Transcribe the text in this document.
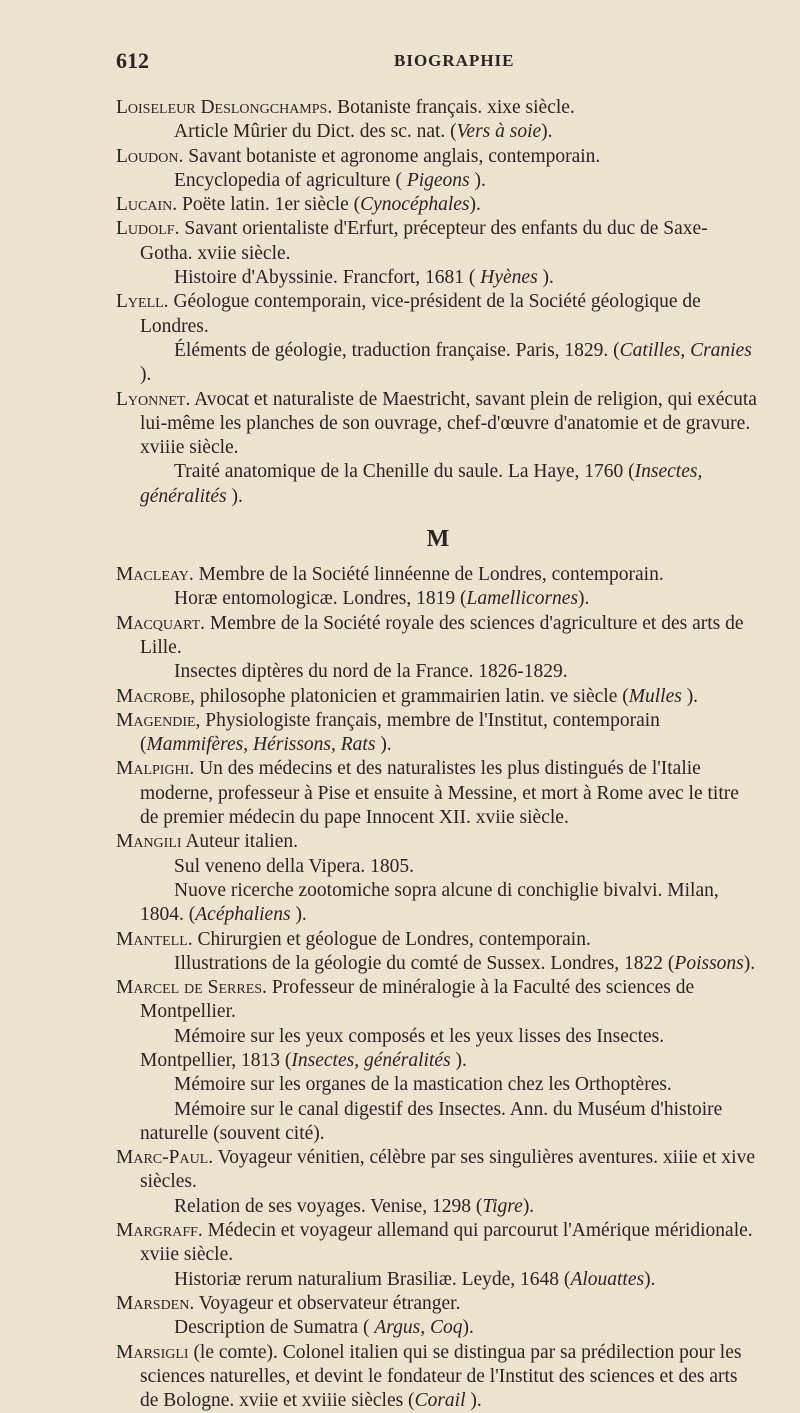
612	BIOGRAPHIE

Loiseleur Deslongchamps. Botaniste français. xixe siècle.

Article Mûrier du Dict. des sc. nat. (Vers à soie).

Loudon. Savant botaniste et agronome anglais, contemporain.

Encyclopedia of agriculture ( Pigeons ).

Lucain. Poëte latin. 1er siècle (Cynocéphales).

Ludolf. Savant orientaliste d'Erfurt, précepteur des enfants du duc de Saxe-Gotha. xviie siècle.

Histoire d'Abyssinie. Francfort, 1681 ( Hyènes ).

Lyell. Géologue contemporain, vice-président de la Société géologique de Londres.

Éléments de géologie, traduction française. Paris, 1829. (Catilles, Cranies ).

Lyonnet. Avocat et naturaliste de Maestricht, savant plein de religion, qui exécuta lui-même les planches de son ouvrage, chef-d'œuvre d'anatomie et de gravure. xviiie siècle.

Traité anatomique de la Chenille du saule. La Haye, 1760 (Insectes, généralités ).

M

Macleay. Membre de la Société linnéenne de Londres, contemporain.

Horæ entomologicæ. Londres, 1819 (Lamellicornes).

Macquart. Membre de la Société royale des sciences d'agriculture et des arts de Lille.

Insectes diptères du nord de la France. 1826-1829.

Macrobe, philosophe platonicien et grammairien latin. ve siècle (Mulles ).

Magendie, Physiologiste français, membre de l'Institut, contemporain (Mammifères, Hérissons, Rats ).

Malpighi. Un des médecins et des naturalistes les plus distingués de l'Italie moderne, professeur à Pise et ensuite à Messine, et mort à Rome avec le titre de premier médecin du pape Innocent XII. xviie siècle.

Mangili Auteur italien.

Sul veneno della Vipera. 1805.

Nuove ricerche zootomiche sopra alcune di conchiglie bivalvi. Milan, 1804. (Acéphaliens ).

Mantell. Chirurgien et géologue de Londres, contemporain.

Illustrations de la géologie du comté de Sussex. Londres, 1822 (Poissons).

Marcel de Serres. Professeur de minéralogie à la Faculté des sciences de Montpellier.

Mémoire sur les yeux composés et les yeux lisses des Insectes. Montpellier, 1813 (Insectes, généralités ).

Mémoire sur les organes de la mastication chez les Orthoptères.

Mémoire sur le canal digestif des Insectes. Ann. du Muséum d'histoire naturelle (souvent cité).

Marc-Paul. Voyageur vénitien, célèbre par ses singulières aventures. xiiie et xive siècles.

Relation de ses voyages. Venise, 1298 (Tigre).

Margraff. Médecin et voyageur allemand qui parcourut l'Amérique méridionale. xviie siècle.

Historiæ rerum naturalium Brasiliæ. Leyde, 1648 (Alouattes).

Marsden. Voyageur et observateur étranger.

Description de Sumatra ( Argus, Coq).

Marsigli (le comte). Colonel italien qui se distingua par sa prédilection pour les sciences naturelles, et devint le fondateur de l'Institut des sciences et des arts de Bologne. xviie et xviiie siècles (Corail ).
